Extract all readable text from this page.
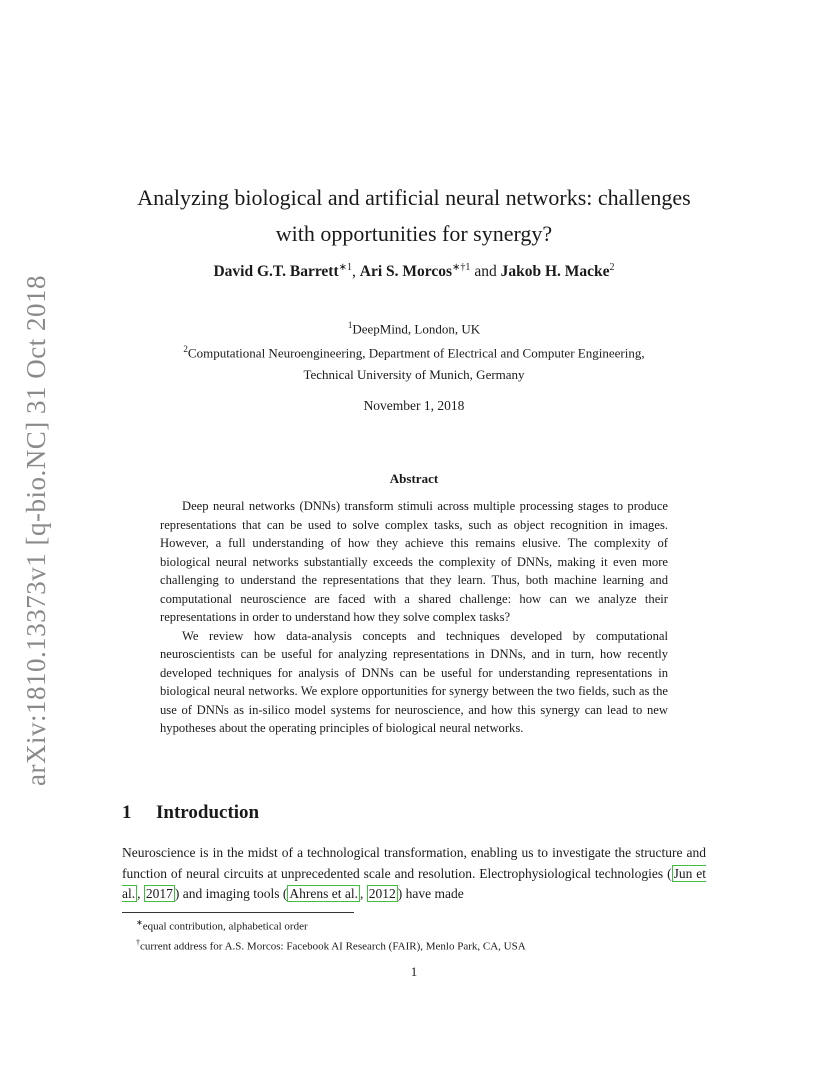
arXiv:1810.13373v1 [q-bio.NC] 31 Oct 2018
Analyzing biological and artificial neural networks: challenges
with opportunities for synergy?
David G.T. Barrett$^{∗1}$, Ari S. Morcos$^{∗\dagger 1}$ and Jakob H. Macke$^2$
$^1$DeepMind, London, UK
$^2$Computational Neuroengineering, Department of Electrical and Computer Engineering,
Technical University of Munich, Germany
November 1, 2018
Abstract

Deep neural networks (DNNs) transform stimuli across multiple processing stages to produce representations that can be used to solve complex tasks, such as object recognition in images. However, a full understanding of how they achieve this remains elusive. The complexity of biological neural networks substantially exceeds the complexity of DNNs, making it even more challenging to understand the representations that they learn. Thus, both machine learning and computational neuroscience are faced with a shared challenge: how can we analyze their representations in order to understand how they solve complex tasks?

We review how data-analysis concepts and techniques developed by computational neuroscientists can be useful for analyzing representations in DNNs, and in turn, how recently developed techniques for analysis of DNNs can be useful for understanding representations in biological neural networks. We explore opportunities for synergy between the two fields, such as the use of DNNs as in-silico model systems for neuroscience, and how this synergy can lead to new hypotheses about the operating principles of biological neural networks.

1 Introduction

Neuroscience is in the midst of a technological transformation, enabling us to investigate the structure and function of neural circuits at unprecedented scale and resolution. Electrophysiological technologies ( Jun et al. , 2017 ) and imaging tools ( Ahrens et al. , 2012 ) have made

∗equal contribution, alphabetical order
†current address for A.S. Morcos: Facebook AI Research (FAIR), Menlo Park, CA, USA
1
